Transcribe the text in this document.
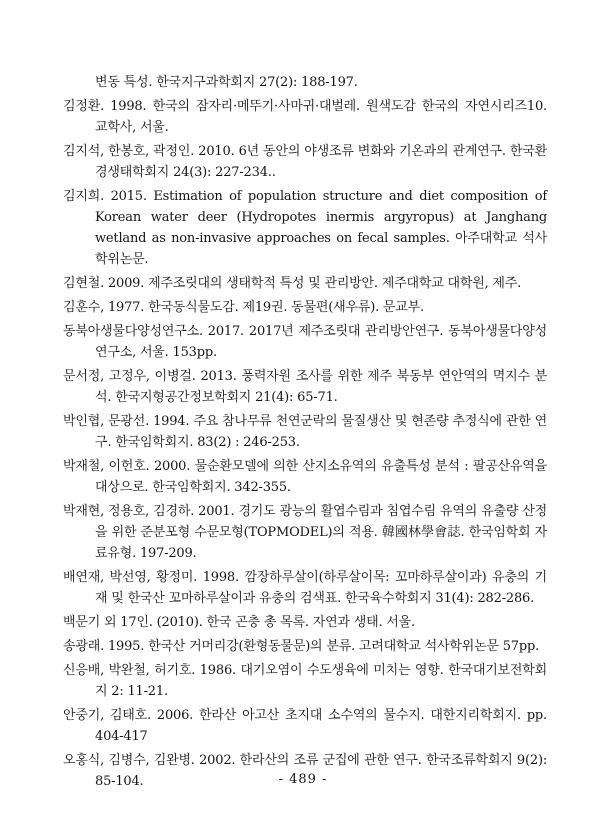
변동 특성. 한국지구과학회지 27(2): 188-197.

김정환. 1998. 한국의 잠자리·메뚜기·사마귀·대벌레. 원색도감 한국의 자연시리즈10. 교학사, 서울.

김지석, 한봉호, 곽정인. 2010. 6년 동안의 야생조류 변화와 기온과의 관계연구. 한국환경생태학회지 24(3): 227-234..

김지희. 2015. Estimation of population structure and diet composition of Korean water deer (Hydropotes inermis argyropus) at Janghang wetland as non-invasive approaches on fecal samples. 아주대학교 석사학위논문.

김현철. 2009. 제주조릿대의 생태학적 특성 및 관리방안. 제주대학교 대학원, 제주.

김훈수, 1977. 한국동식물도감. 제19권. 동물편(새우류). 문교부.

동북아생물다양성연구소. 2017. 2017년 제주조릿대 관리방안연구. 동북아생물다양성연구소, 서울. 153pp.

문서정, 고정우, 이병걸. 2013. 풍력자원 조사를 위한 제주 북동부 연안역의 멱지수 분석. 한국지형공간정보학회지 21(4): 65-71.

박인협, 문광선. 1994. 주요 참나무류 천연군락의 물질생산 및 현존량 추정식에 관한 연구. 한국임학회지. 83(2) : 246-253.

박재철, 이헌호. 2000. 물순환모델에 의한 산지소유역의 유출특성 분석 : 팔공산유역을 대상으로. 한국임학회지. 342-355.

박재현, 정용호, 김경하. 2001. 경기도 광능의 활엽수림과 침엽수림 유역의 유출량 산정을 위한 준분포형 수문모형(TOPMODEL)의 적용. 韓國林學會誌. 한국임학회 자료유형. 197-209.

배연재, 박선영, 황정미. 1998. 깜장하루살이(하루살이목: 꼬마하루살이과) 유충의 기재 및 한국산 꼬마하루살이과 유충의 검색표. 한국육수학회지 31(4): 282-286.

백문기 외 17인. (2010). 한국 곤충 총 목록. 자연과 생태. 서울.

송광래. 1995. 한국산 거머리강(환형동물문)의 분류. 고려대학교 석사학위논문 57pp.

신응배, 박완철, 허기호. 1986. 대기오염이 수도생육에 미치는 영향. 한국대기보전학회지 2: 11-21.

안중기, 김태호. 2006. 한라산 아고산 초지대 소수역의 물수지. 대한지리학회지. pp. 404-417

오홍식, 김병수, 김완병. 2002. 한라산의 조류 군집에 관한 연구. 한국조류학회지 9(2): 85-104.	- 489 -
